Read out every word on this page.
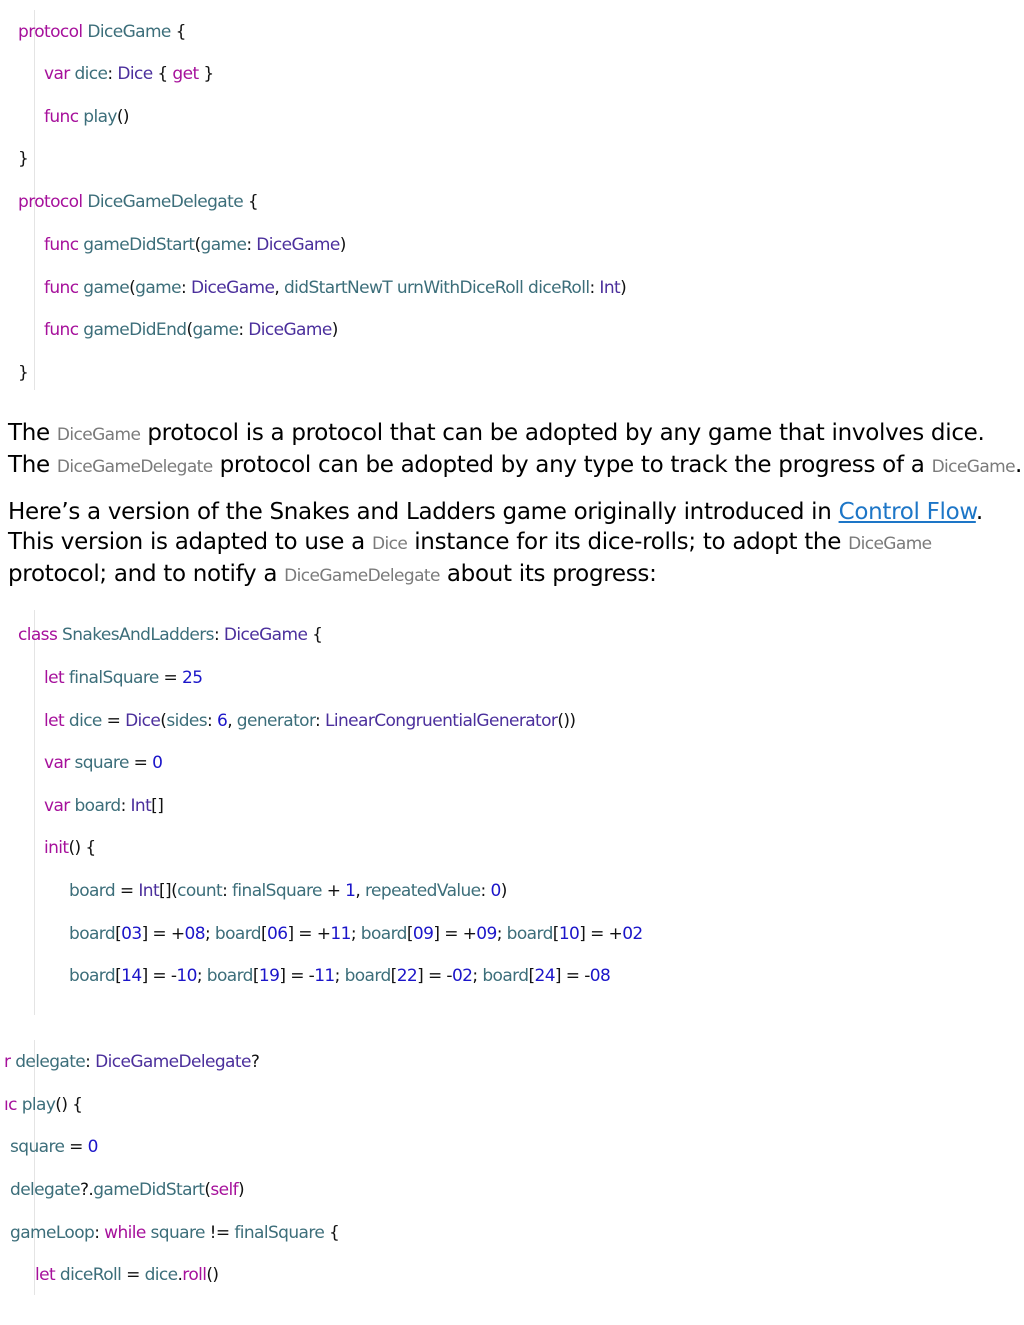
protocol DiceGame {

var dice: Dice { get }

func play()

}

protocol DiceGameDelegate {

func gameDidStart(game: DiceGame)

func game(game: DiceGame, didStartNewT urnWithDiceRoll diceRoll: Int)

func gameDidEnd(game: DiceGame)

}

The DiceGame protocol is a protocol that can be adopted by any game that involves dice.

The DiceGameDelegate protocol can be adopted by any type to track the progress of a DiceGame.

Here’s a version of the Snakes and Ladders game originally introduced in Control Flow.

This version is adapted to use a Dice instance for its dice-rolls; to adopt the DiceGame

protocol; and to notify a DiceGameDelegate about its progress:

class SnakesAndLadders: DiceGame {

let finalSquare = 25

let dice = Dice(sides: 6, generator: LinearCongruentialGenerator())

var square = 0

var board: Int[]

init() {

board = Int[](count: finalSquare + 1, repeatedValue: 0)

board[03] = +08; board[06] = +11; board[09] = +09; board[10] = +02

board[14] = -10; board[19] = -11; board[22] = -02; board[24] = -08

r delegate: DiceGameDelegate?

ıc play() {

square = 0

delegate?.gameDidStart(self)

gameLoop: while square != finalSquare {

let diceRoll = dice.roll()
